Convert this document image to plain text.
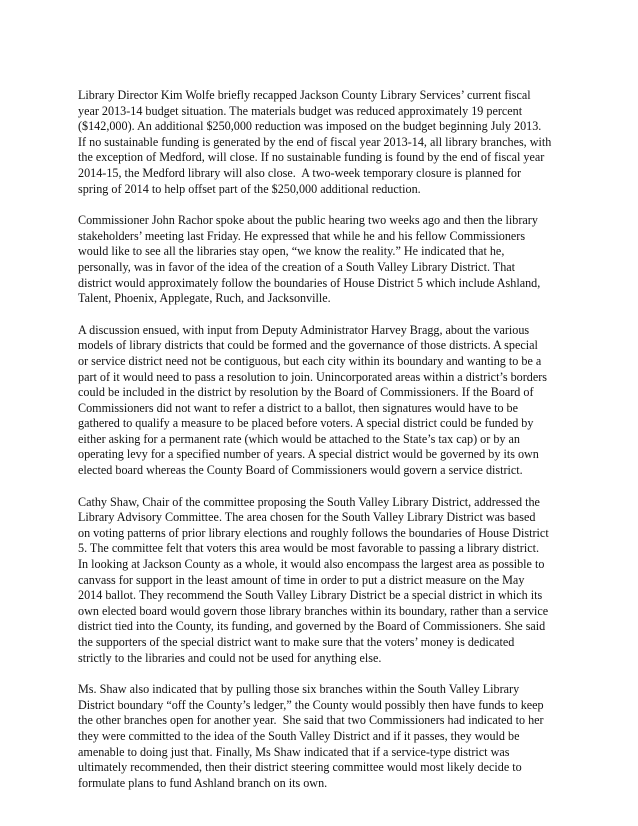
Library Director Kim Wolfe briefly recapped Jackson County Library Services’ current fiscal
year 2013-14 budget situation. The materials budget was reduced approximately 19 percent
($142,000). An additional $250,000 reduction was imposed on the budget beginning July 2013.
If no sustainable funding is generated by the end of fiscal year 2013-14, all library branches, with
the exception of Medford, will close. If no sustainable funding is found by the end of fiscal year
2014-15, the Medford library will also close.  A two-week temporary closure is planned for
spring of 2014 to help offset part of the $250,000 additional reduction.

Commissioner John Rachor spoke about the public hearing two weeks ago and then the library
stakeholders’ meeting last Friday. He expressed that while he and his fellow Commissioners
would like to see all the libraries stay open, “we know the reality.” He indicated that he,
personally, was in favor of the idea of the creation of a South Valley Library District. That
district would approximately follow the boundaries of House District 5 which include Ashland,
Talent, Phoenix, Applegate, Ruch, and Jacksonville.

A discussion ensued, with input from Deputy Administrator Harvey Bragg, about the various
models of library districts that could be formed and the governance of those districts. A special
or service district need not be contiguous, but each city within its boundary and wanting to be a
part of it would need to pass a resolution to join. Unincorporated areas within a district’s borders
could be included in the district by resolution by the Board of Commissioners. If the Board of
Commissioners did not want to refer a district to a ballot, then signatures would have to be
gathered to qualify a measure to be placed before voters. A special district could be funded by
either asking for a permanent rate (which would be attached to the State’s tax cap) or by an
operating levy for a specified number of years. A special district would be governed by its own
elected board whereas the County Board of Commissioners would govern a service district.

Cathy Shaw, Chair of the committee proposing the South Valley Library District, addressed the
Library Advisory Committee. The area chosen for the South Valley Library District was based
on voting patterns of prior library elections and roughly follows the boundaries of House District
5. The committee felt that voters this area would be most favorable to passing a library district.
In looking at Jackson County as a whole, it would also encompass the largest area as possible to
canvass for support in the least amount of time in order to put a district measure on the May
2014 ballot. They recommend the South Valley Library District be a special district in which its
own elected board would govern those library branches within its boundary, rather than a service
district tied into the County, its funding, and governed by the Board of Commissioners. She said
the supporters of the special district want to make sure that the voters’ money is dedicated
strictly to the libraries and could not be used for anything else.

Ms. Shaw also indicated that by pulling those six branches within the South Valley Library
District boundary “off the County’s ledger,” the County would possibly then have funds to keep
the other branches open for another year.  She said that two Commissioners had indicated to her
they were committed to the idea of the South Valley District and if it passes, they would be
amenable to doing just that. Finally, Ms Shaw indicated that if a service-type district was
ultimately recommended, then their district steering committee would most likely decide to
formulate plans to fund Ashland branch on its own.
